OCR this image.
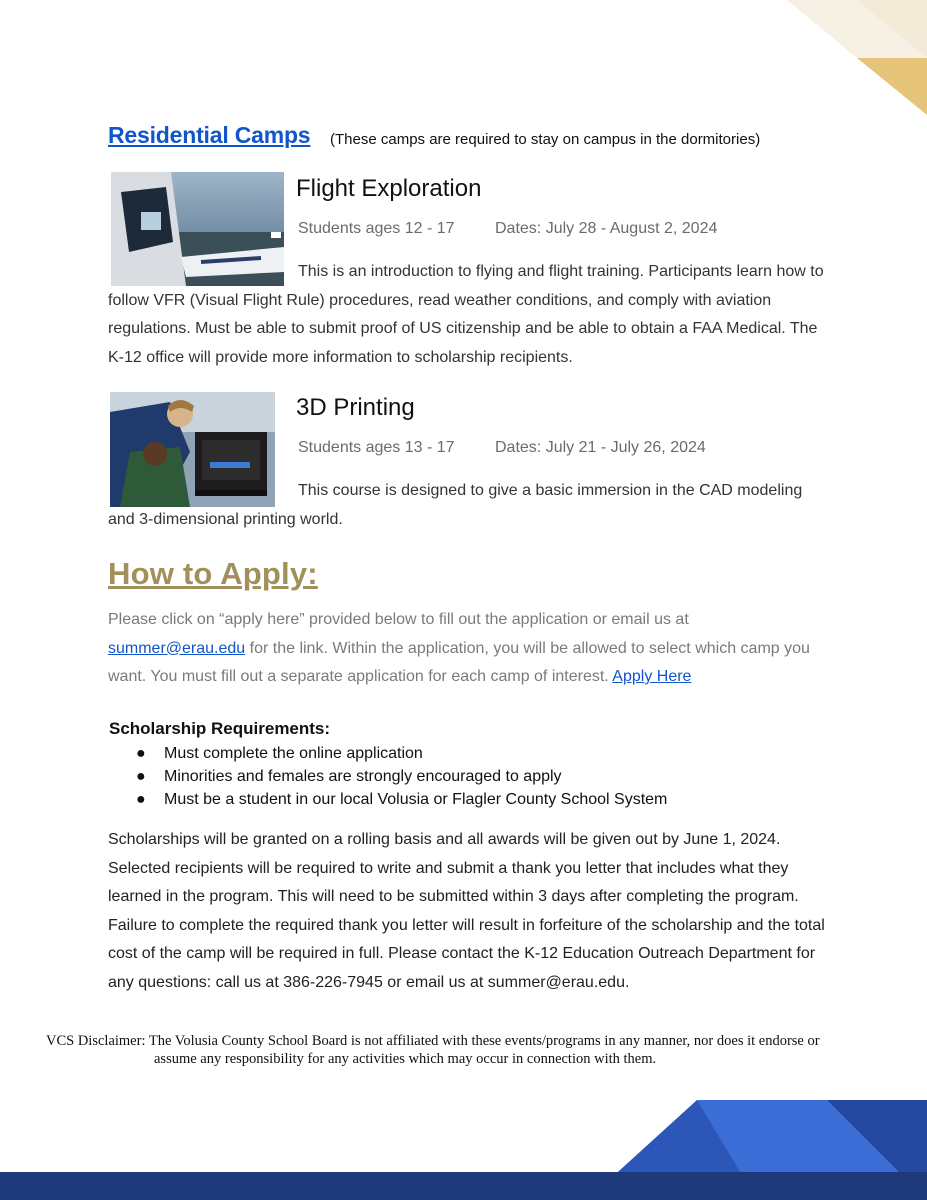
Residential Camps (These camps are required to stay on campus in the dormitories)
Flight Exploration
Students ages 12 - 17	Dates: July 28 - August 2, 2024
This is an introduction to flying and flight training. Participants learn how to follow VFR (Visual Flight Rule) procedures, read weather conditions, and comply with aviation regulations. Must be able to submit proof of US citizenship and be able to obtain a FAA Medical. The K-12 office will provide more information to scholarship recipients.
3D Printing
Students ages 13 - 17	Dates: July 21 - July 26, 2024
This course is designed to give a basic immersion in the CAD modeling and 3-dimensional printing world.
How to Apply:
Please click on “apply here” provided below to fill out the application or email us at summer@erau.edu for the link. Within the application, you will be allowed to select which camp you want. You must fill out a separate application for each camp of interest. Apply Here
Scholarship Requirements:
● Must complete the online application
● Minorities and females are strongly encouraged to apply
● Must be a student in our local Volusia or Flagler County School System
Scholarships will be granted on a rolling basis and all awards will be given out by June 1, 2024. Selected recipients will be required to write and submit a thank you letter that includes what they learned in the program. This will need to be submitted within 3 days after completing the program. Failure to complete the required thank you letter will result in forfeiture of the scholarship and the total cost of the camp will be required in full. Please contact the K-12 Education Outreach Department for any questions: call us at 386-226-7945 or email us at summer@erau.edu.
VCS Disclaimer: The Volusia County School Board is not affiliated with these events/programs in any manner, nor does it endorse or
assume any responsibility for any activities which may occur in connection with them.
